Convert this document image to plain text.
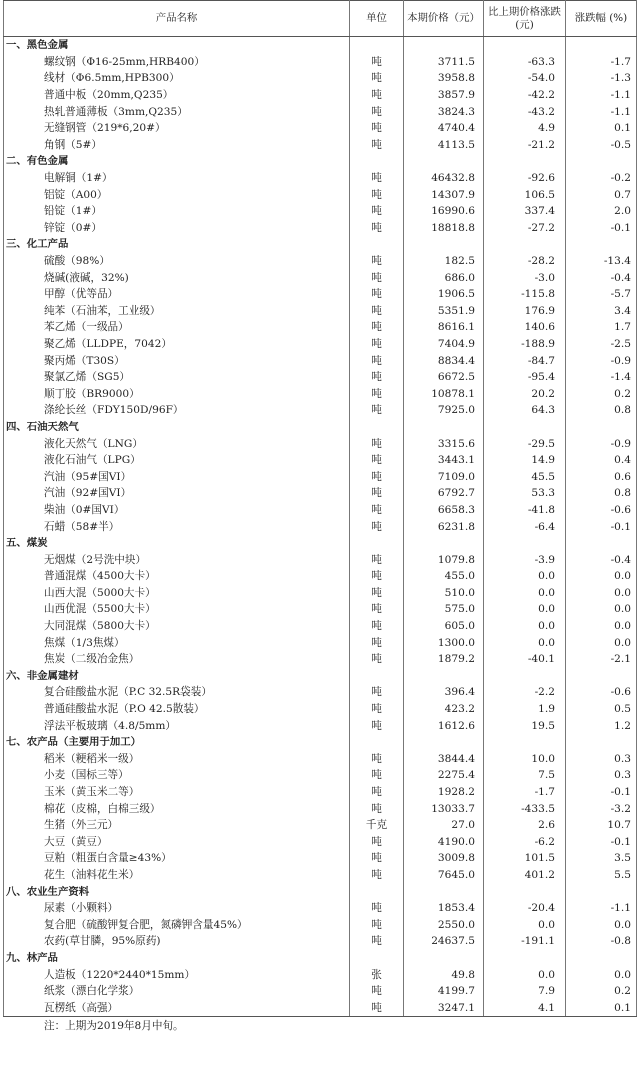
产品名称	单位	本期价格（元）	比上期价格涨跌(元)	涨跌幅 (%)
一、黑色金属				
螺纹钢（Φ16-25mm,HRB400）	吨	3711.5	-63.3	-1.7
线材（Φ6.5mm,HPB300）	吨	3958.8	-54.0	-1.3
普通中板（20mm,Q235）	吨	3857.9	-42.2	-1.1
热轧普通薄板（3mm,Q235）	吨	3824.3	-43.2	-1.1
无缝钢管（219*6,20#）	吨	4740.4	4.9	0.1
角钢（5#）	吨	4113.5	-21.2	-0.5
二、有色金属				
电解铜（1#）	吨	46432.8	-92.6	-0.2
铝锭（A00）	吨	14307.9	106.5	0.7
铅锭（1#）	吨	16990.6	337.4	2.0
锌锭（0#）	吨	18818.8	-27.2	-0.1
三、化工产品				
硫酸（98%）	吨	182.5	-28.2	-13.4
烧碱(液碱，32%)	吨	686.0	-3.0	-0.4
甲醇（优等品）	吨	1906.5	-115.8	-5.7
纯苯（石油苯，工业级）	吨	5351.9	176.9	3.4
苯乙烯（一级品）	吨	8616.1	140.6	1.7
聚乙烯（LLDPE，7042）	吨	7404.9	-188.9	-2.5
聚丙烯（T30S）	吨	8834.4	-84.7	-0.9
聚氯乙烯（SG5）	吨	6672.5	-95.4	-1.4
顺丁胶（BR9000）	吨	10878.1	20.2	0.2
涤纶长丝（FDY150D/96F）	吨	7925.0	64.3	0.8
四、石油天然气				
液化天然气（LNG）	吨	3315.6	-29.5	-0.9
液化石油气（LPG）	吨	3443.1	14.9	0.4
汽油（95#国VI）	吨	7109.0	45.5	0.6
汽油（92#国VI）	吨	6792.7	53.3	0.8
柴油（0#国VI）	吨	6658.3	-41.8	-0.6
石蜡（58#半）	吨	6231.8	-6.4	-0.1
五、煤炭				
无烟煤（2号洗中块）	吨	1079.8	-3.9	-0.4
普通混煤（4500大卡）	吨	455.0	0.0	0.0
山西大混（5000大卡）	吨	510.0	0.0	0.0
山西优混（5500大卡）	吨	575.0	0.0	0.0
大同混煤（5800大卡）	吨	605.0	0.0	0.0
焦煤（1/3焦煤）	吨	1300.0	0.0	0.0
焦炭（二级冶金焦）	吨	1879.2	-40.1	-2.1
六、非金属建材				
复合硅酸盐水泥（P.C 32.5R袋装）	吨	396.4	-2.2	-0.6
普通硅酸盐水泥（P.O 42.5散装）	吨	423.2	1.9	0.5
浮法平板玻璃（4.8/5mm）	吨	1612.6	19.5	1.2
七、农产品（主要用于加工）				
稻米（粳稻米一级）	吨	3844.4	10.0	0.3
小麦（国标三等）	吨	2275.4	7.5	0.3
玉米（黄玉米二等）	吨	1928.2	-1.7	-0.1
棉花（皮棉，白棉三级）	吨	13033.7	-433.5	-3.2
生猪（外三元）	千克	27.0	2.6	10.7
大豆（黄豆）	吨	4190.0	-6.2	-0.1
豆粕（粗蛋白含量≥43%）	吨	3009.8	101.5	3.5
花生（油料花生米）	吨	7645.0	401.2	5.5
八、农业生产资料				
尿素（小颗料）	吨	1853.4	-20.4	-1.1
复合肥（硫酸钾复合肥，氮磷钾含量45%）	吨	2550.0	0.0	0.0
农药(草甘膦，95%原药)	吨	24637.5	-191.1	-0.8
九、林产品				
人造板（1220*2440*15mm）	张	49.8	0.0	0.0
纸浆（漂白化学浆）	吨	4199.7	7.9	0.2
瓦楞纸（高强）	吨	3247.1	4.1	0.1
注：上期为2019年8月中旬。
